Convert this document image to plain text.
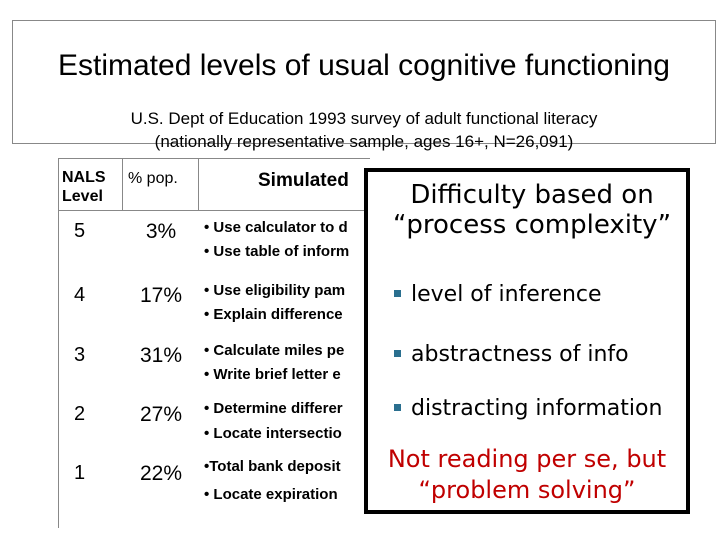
Estimated levels of usual cognitive functioning
U.S. Dept of Education 1993 survey of adult functional literacy
(nationally representative sample, ages 16+, N=26,091)
NALS
Level
% pop.	Simulated
5	3%	• Use calculator to d
• Use table of inform
4	17%	• Use eligibility pam
• Explain difference
3	31%	• Calculate miles pe
• Write brief letter e
2	27%	• Determine differer
• Locate intersectio
1	22%	•Total bank deposit
• Locate expiration
Difficulty based on
“process complexity”
level of inference
abstractness of info
distracting information
Not reading per se, but
“problem solving”
